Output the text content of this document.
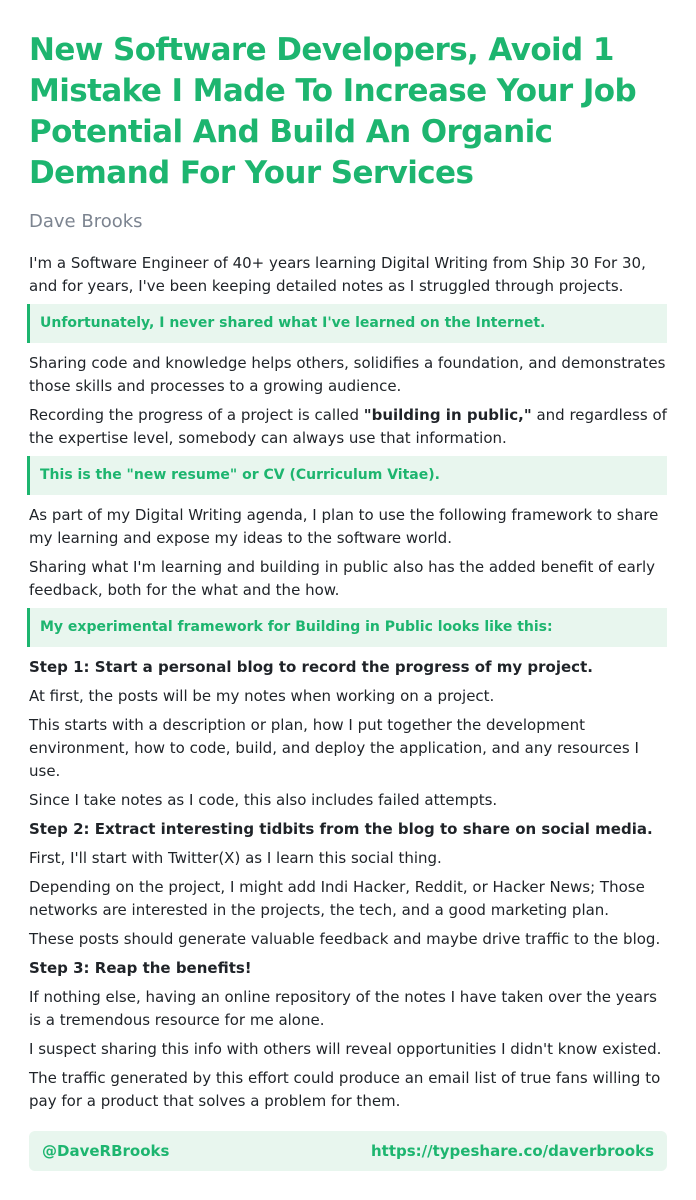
New Software Developers, Avoid 1 Mistake I Made To Increase Your Job Potential And Build An Organic Demand For Your Services
Dave Brooks

I'm a Software Engineer of 40+ years learning Digital Writing from Ship 30 For 30, and for years, I've been keeping detailed notes as I struggled through projects.

Unfortunately, I never shared what I've learned on the Internet.

Sharing code and knowledge helps others, solidifies a foundation, and demonstrates those skills and processes to a growing audience.

Recording the progress of a project is called "building in public," and regardless of the expertise level, somebody can always use that information.

This is the "new resume" or CV (Curriculum Vitae).

As part of my Digital Writing agenda, I plan to use the following framework to share my learning and expose my ideas to the software world.

Sharing what I'm learning and building in public also has the added benefit of early feedback, both for the what and the how.

My experimental framework for Building in Public looks like this:

Step 1: Start a personal blog to record the progress of my project.

At first, the posts will be my notes when working on a project.

This starts with a description or plan, how I put together the development environment, how to code, build, and deploy the application, and any resources I use.

Since I take notes as I code, this also includes failed attempts.

Step 2: Extract interesting tidbits from the blog to share on social media.

First, I'll start with Twitter(X) as I learn this social thing.

Depending on the project, I might add Indi Hacker, Reddit, or Hacker News; Those networks are interested in the projects, the tech, and a good marketing plan.

These posts should generate valuable feedback and maybe drive traffic to the blog.

Step 3: Reap the benefits!

If nothing else, having an online repository of the notes I have taken over the years is a tremendous resource for me alone.

I suspect sharing this info with others will reveal opportunities I didn't know existed.

The traffic generated by this effort could produce an email list of true fans willing to pay for a product that solves a problem for them.

@DaveRBrooks	https://typeshare.co/daverbrooks
